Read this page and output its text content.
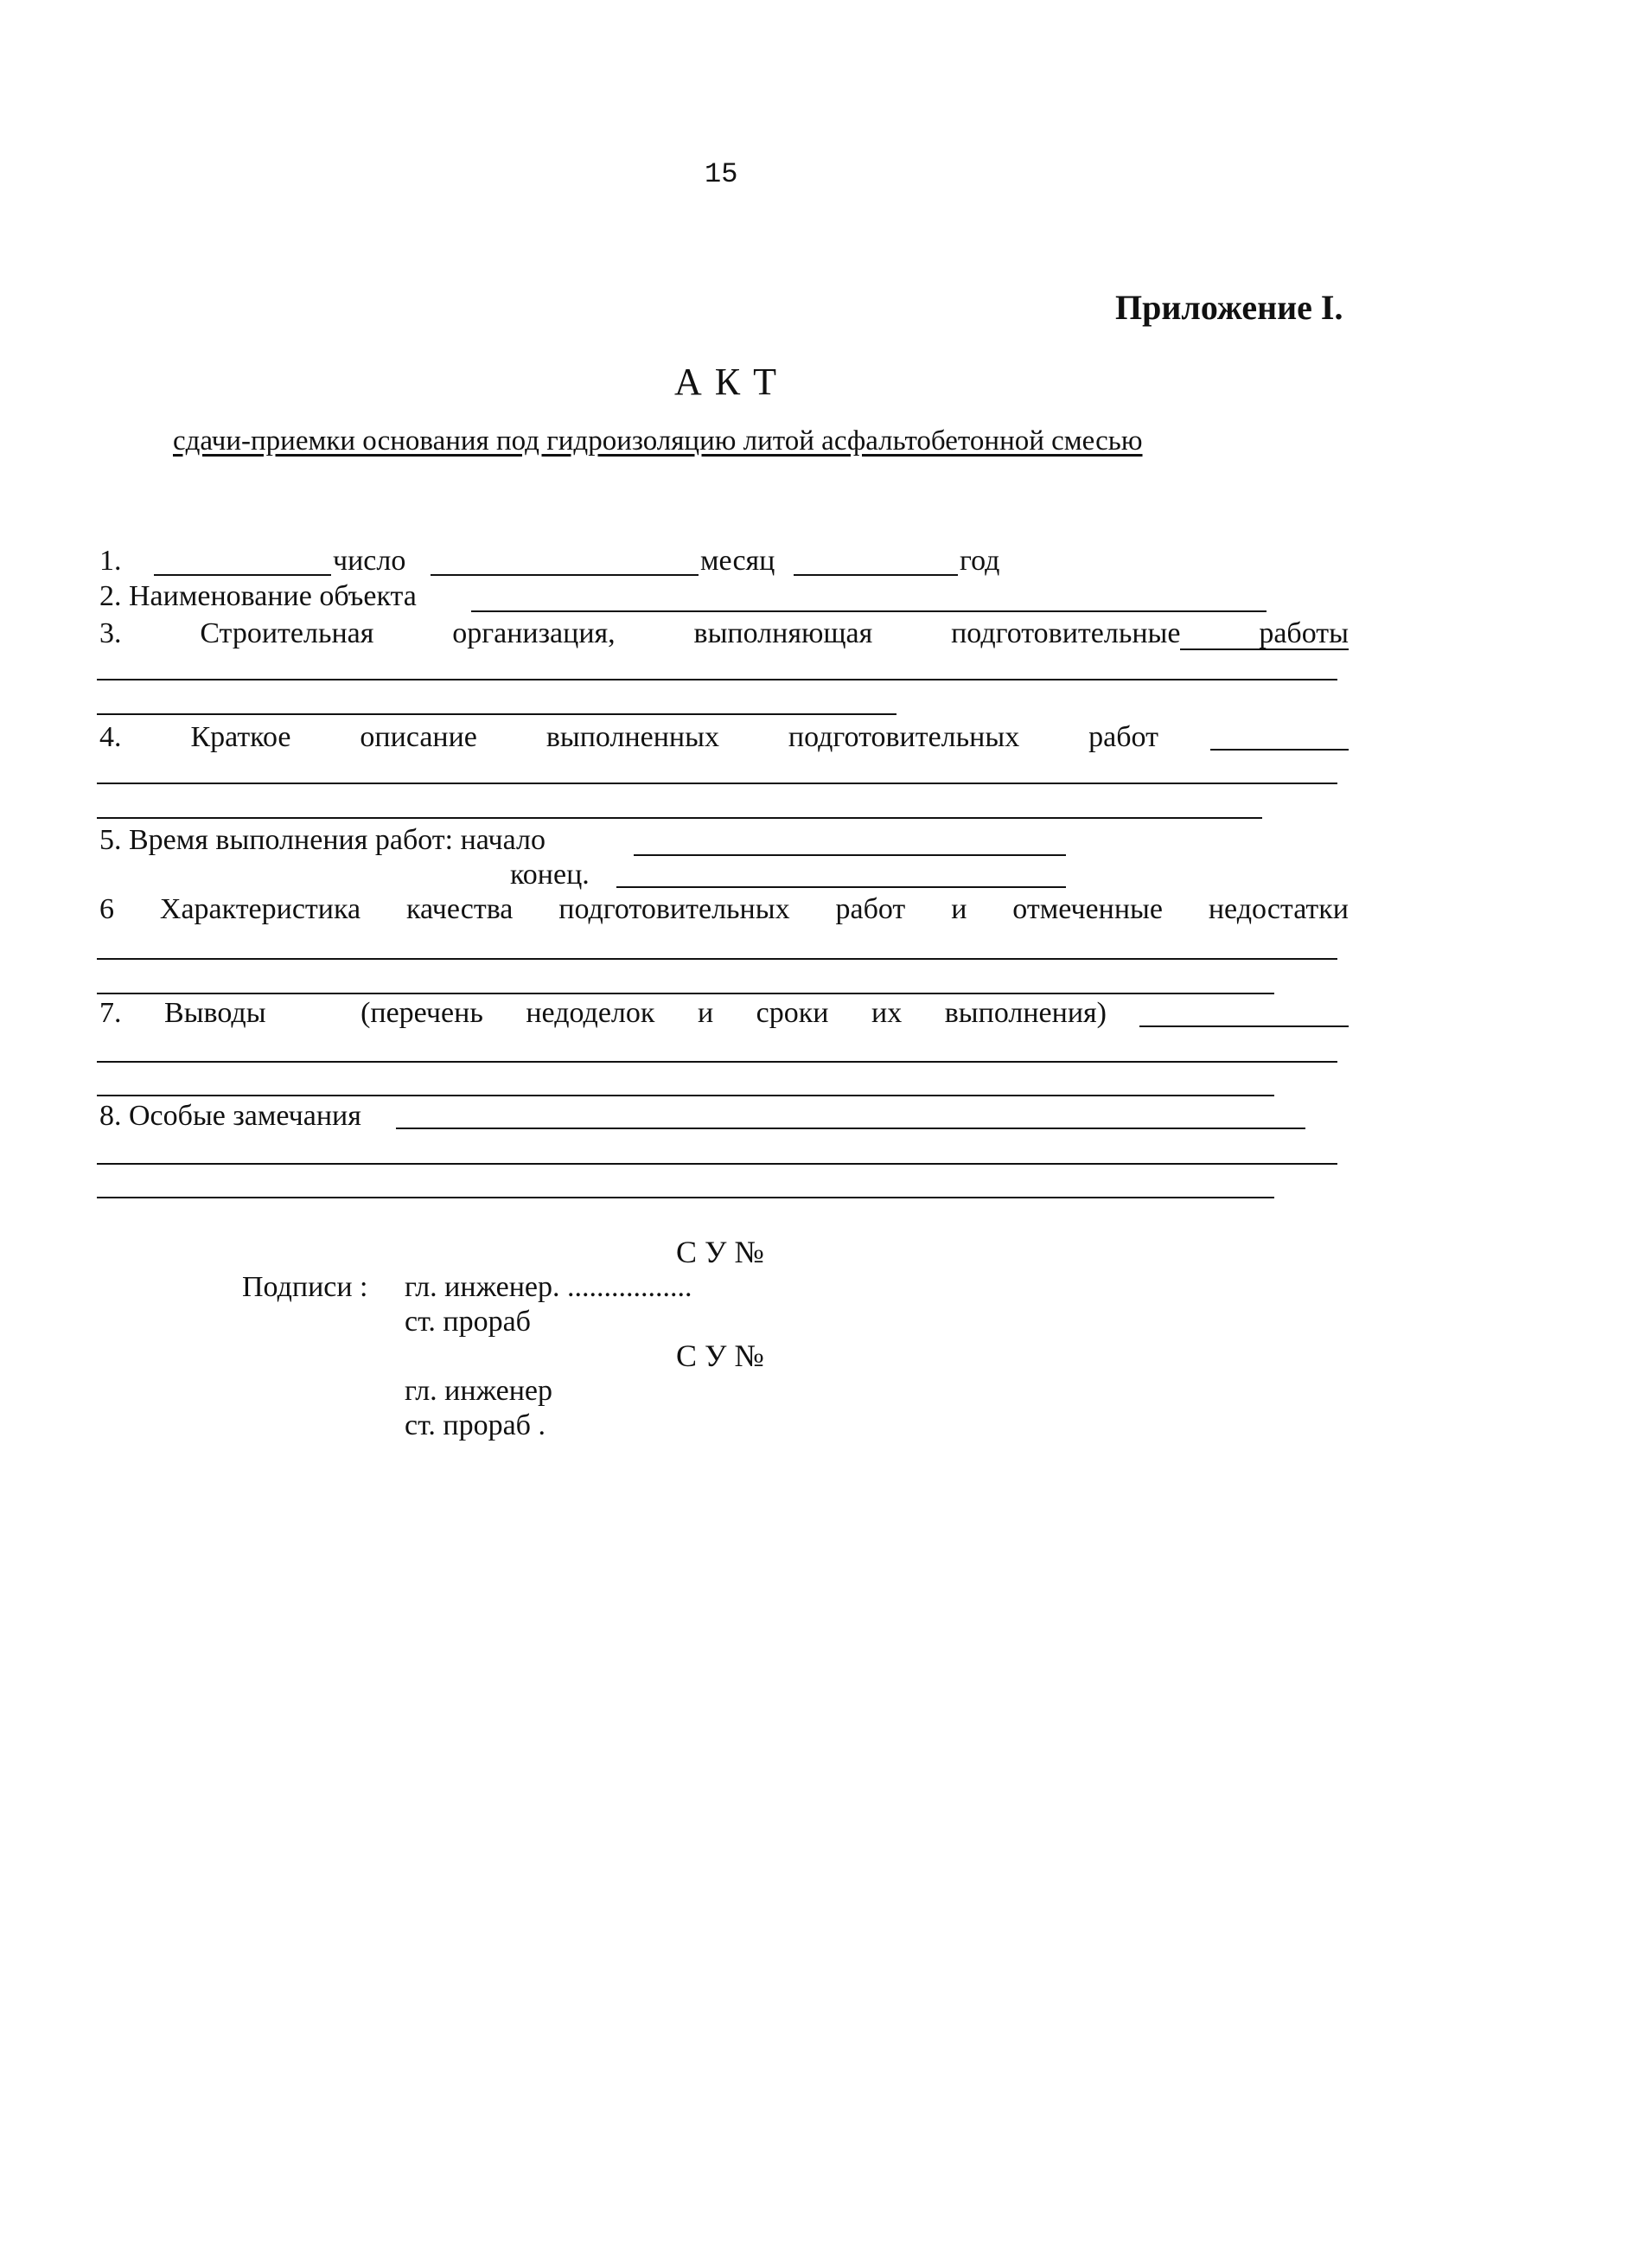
15
Приложение I.
А К Т
сдачи-приемки основания под гидроизоляцию литой асфальтобетонной смесью
1.	число	месяц	год
2. Наименование объекта
3.	Строительная	организация,	выполняющая	подготовительные	работы
4. Краткое описание выполненных подготовительных работ
5. Время выполнения работ: начало
конец.
6 Характеристика качества подготовительных работ и отмеченные недостатки
7. Выводы	(перечень недоделок и сроки их выполнения)
8. Особые замечания
С У №
Подписи : гл. инженер. .................
ст. прораб
С У №
гл. инженер
ст. прораб .
